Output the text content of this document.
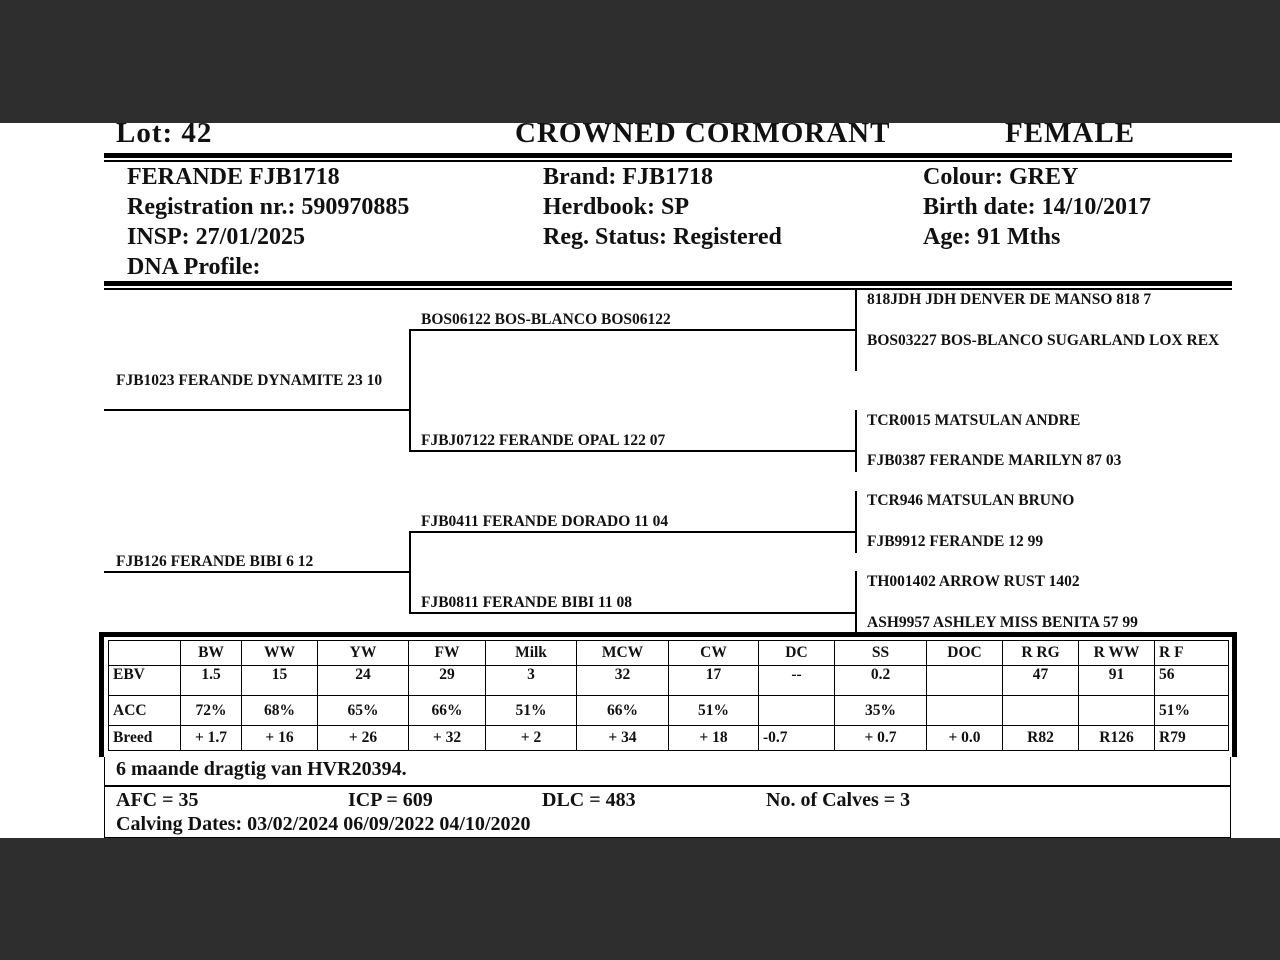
Lot: 42	CROWNED CORMORANT	FEMALE
FERANDE FJB1718
Registration nr.: 590970885
INSP: 27/01/2025
DNA Profile:
Brand: FJB1718
Herdbook: SP
Reg. Status: Registered
Colour: GREY
Birth date: 14/10/2017
Age: 91 Mths
FJB1023 FERANDE DYNAMITE 23 10
FJB126 FERANDE BIBI 6 12
BOS06122 BOS-BLANCO BOS06122
FJBJ07122 FERANDE OPAL 122 07
FJB0411 FERANDE DORADO 11 04
FJB0811 FERANDE BIBI 11 08
818JDH JDH DENVER DE MANSO 818 7
BOS03227 BOS-BLANCO SUGARLAND LOX REX
TCR0015 MATSULAN ANDRE
FJB0387 FERANDE MARILYN 87 03
TCR946 MATSULAN BRUNO
FJB9912 FERANDE 12 99
TH001402 ARROW RUST 1402
ASH9957 ASHLEY MISS BENITA 57 99
	BW	WW	YW	FW	Milk	MCW	CW	DC	SS	DOC	R RG	R WW	R F
EBV	1.5	15	24	29	3	32	17	--	0.2		47	91	56
ACC	72%	68%	65%	66%	51%	66%	51%		35%				51%
Breed	+ 1.7	+ 16	+ 26	+ 32	+ 2	+ 34	+ 18	-0.7	+ 0.7	+ 0.0	R82	R126	R79
6 maande dragtig van HVR20394.
AFC = 35	ICP = 609	DLC = 483	No. of Calves = 3
Calving Dates: 03/02/2024 06/09/2022 04/10/2020
